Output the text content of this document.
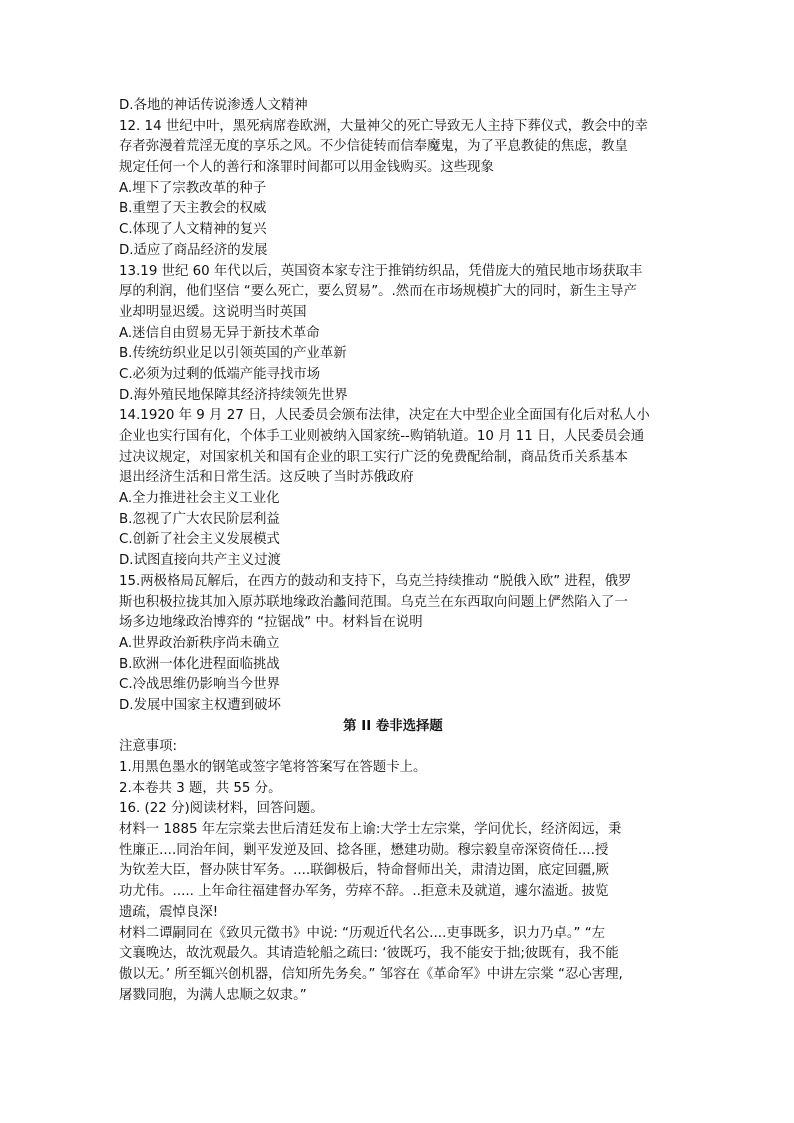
D.各地的神话传说渗透人文精神
12. 14 世纪中叶，黑死病席卷欧洲，大量神父的死亡导致无人主持下葬仪式，教会中的幸
存者弥漫着荒淫无度的享乐之风。不少信徒转而信奉魔鬼，为了平息教徒的焦虑，教皇
规定任何一个人的善行和涤罪时间都可以用金钱购买。这些现象
A.埋下了宗教改革的种子
B.重塑了天主教会的权威
C.体现了人文精神的复兴
D.适应了商品经济的发展
13.19 世纪 60 年代以后，英国资本家专注于推销纺织品，凭借庞大的殖民地市场获取丰
厚的利润，他们坚信 “要么死亡，要么贸易”。.然而在市场规模扩大的同时，新生主导产
业却明显迟缓。这说明当时英国
A.迷信自由贸易无异于新技术革命
B.传统纺织业足以引领英国的产业革新
C.必须为过剩的低端产能寻找市场
D.海外殖民地保障其经济持续领先世界
14.1920 年 9 月 27 日，人民委员会颁布法律，决定在大中型企业全面国有化后对私人小
企业也实行国有化，个体手工业则被纳入国家统--购销轨道。10 月 11 日，人民委员会通
过决议规定，对国家机关和国有企业的职工实行广泛的免费配给制，商品货币关系基本
退出经济生活和日常生活。这反映了当时苏俄政府
A.全力推进社会主义工业化
B.忽视了广大农民阶层利益
C.创新了社会主义发展模式
D.试图直接向共产主义过渡
15.两极格局瓦解后，在西方的鼓动和支持下，乌克兰持续推动 “脱俄入欧” 进程，俄罗
斯也积极拉拢其加入原苏联地缘政治蠡间范围。乌克兰在东西取向问题上俨然陷入了一
场多边地缘政治博弈的 “拉锯战” 中。材料旨在说明
A.世界政治新秩序尚未确立
B.欧洲一体化进程面临挑战
C.冷战思维仍影响当今世界
D.发展中国家主权遭到破坏
第 II 卷非选择题
注意事项:
1.用黑色墨水的钢笔或签字笔将答案写在答题卡上。
2.本卷共 3 题，共 55 分。
16. (22 分)阅读材料，回答问题。
材料一 1885 年左宗棠去世后清廷发布上谕:大学士左宗棠，学问优长，经济闳远，秉
性廉正....同治年间，剿平发逆及回、捻各匪，懋建功勋。穆宗毅皇帝深资倚任....授
为钦差大臣，督办陕甘军务。....联御极后，特命督师出关，肃清边圉，底定回疆,厥
功尤伟。..... 上年命往福建督办军务，劳瘁不辞。..拒意未及就道，遽尔溘逝。披览
遗疏，震悼良深!
材料二谭嗣同在《致贝元徵书》中说: “历观近代名公....吏事既多，识力乃卓。” “左
文襄晚达，故沈观最久。其请造轮船之疏曰: ‘彼既巧，我不能安于拙;彼既有，我不能
傲以无。’ 所至辄兴创机器，信知所先务矣。” 邹容在《革命军》中讲左宗棠 “忍心害理,
屠戮同胞，为满人忠顺之奴隶。”
